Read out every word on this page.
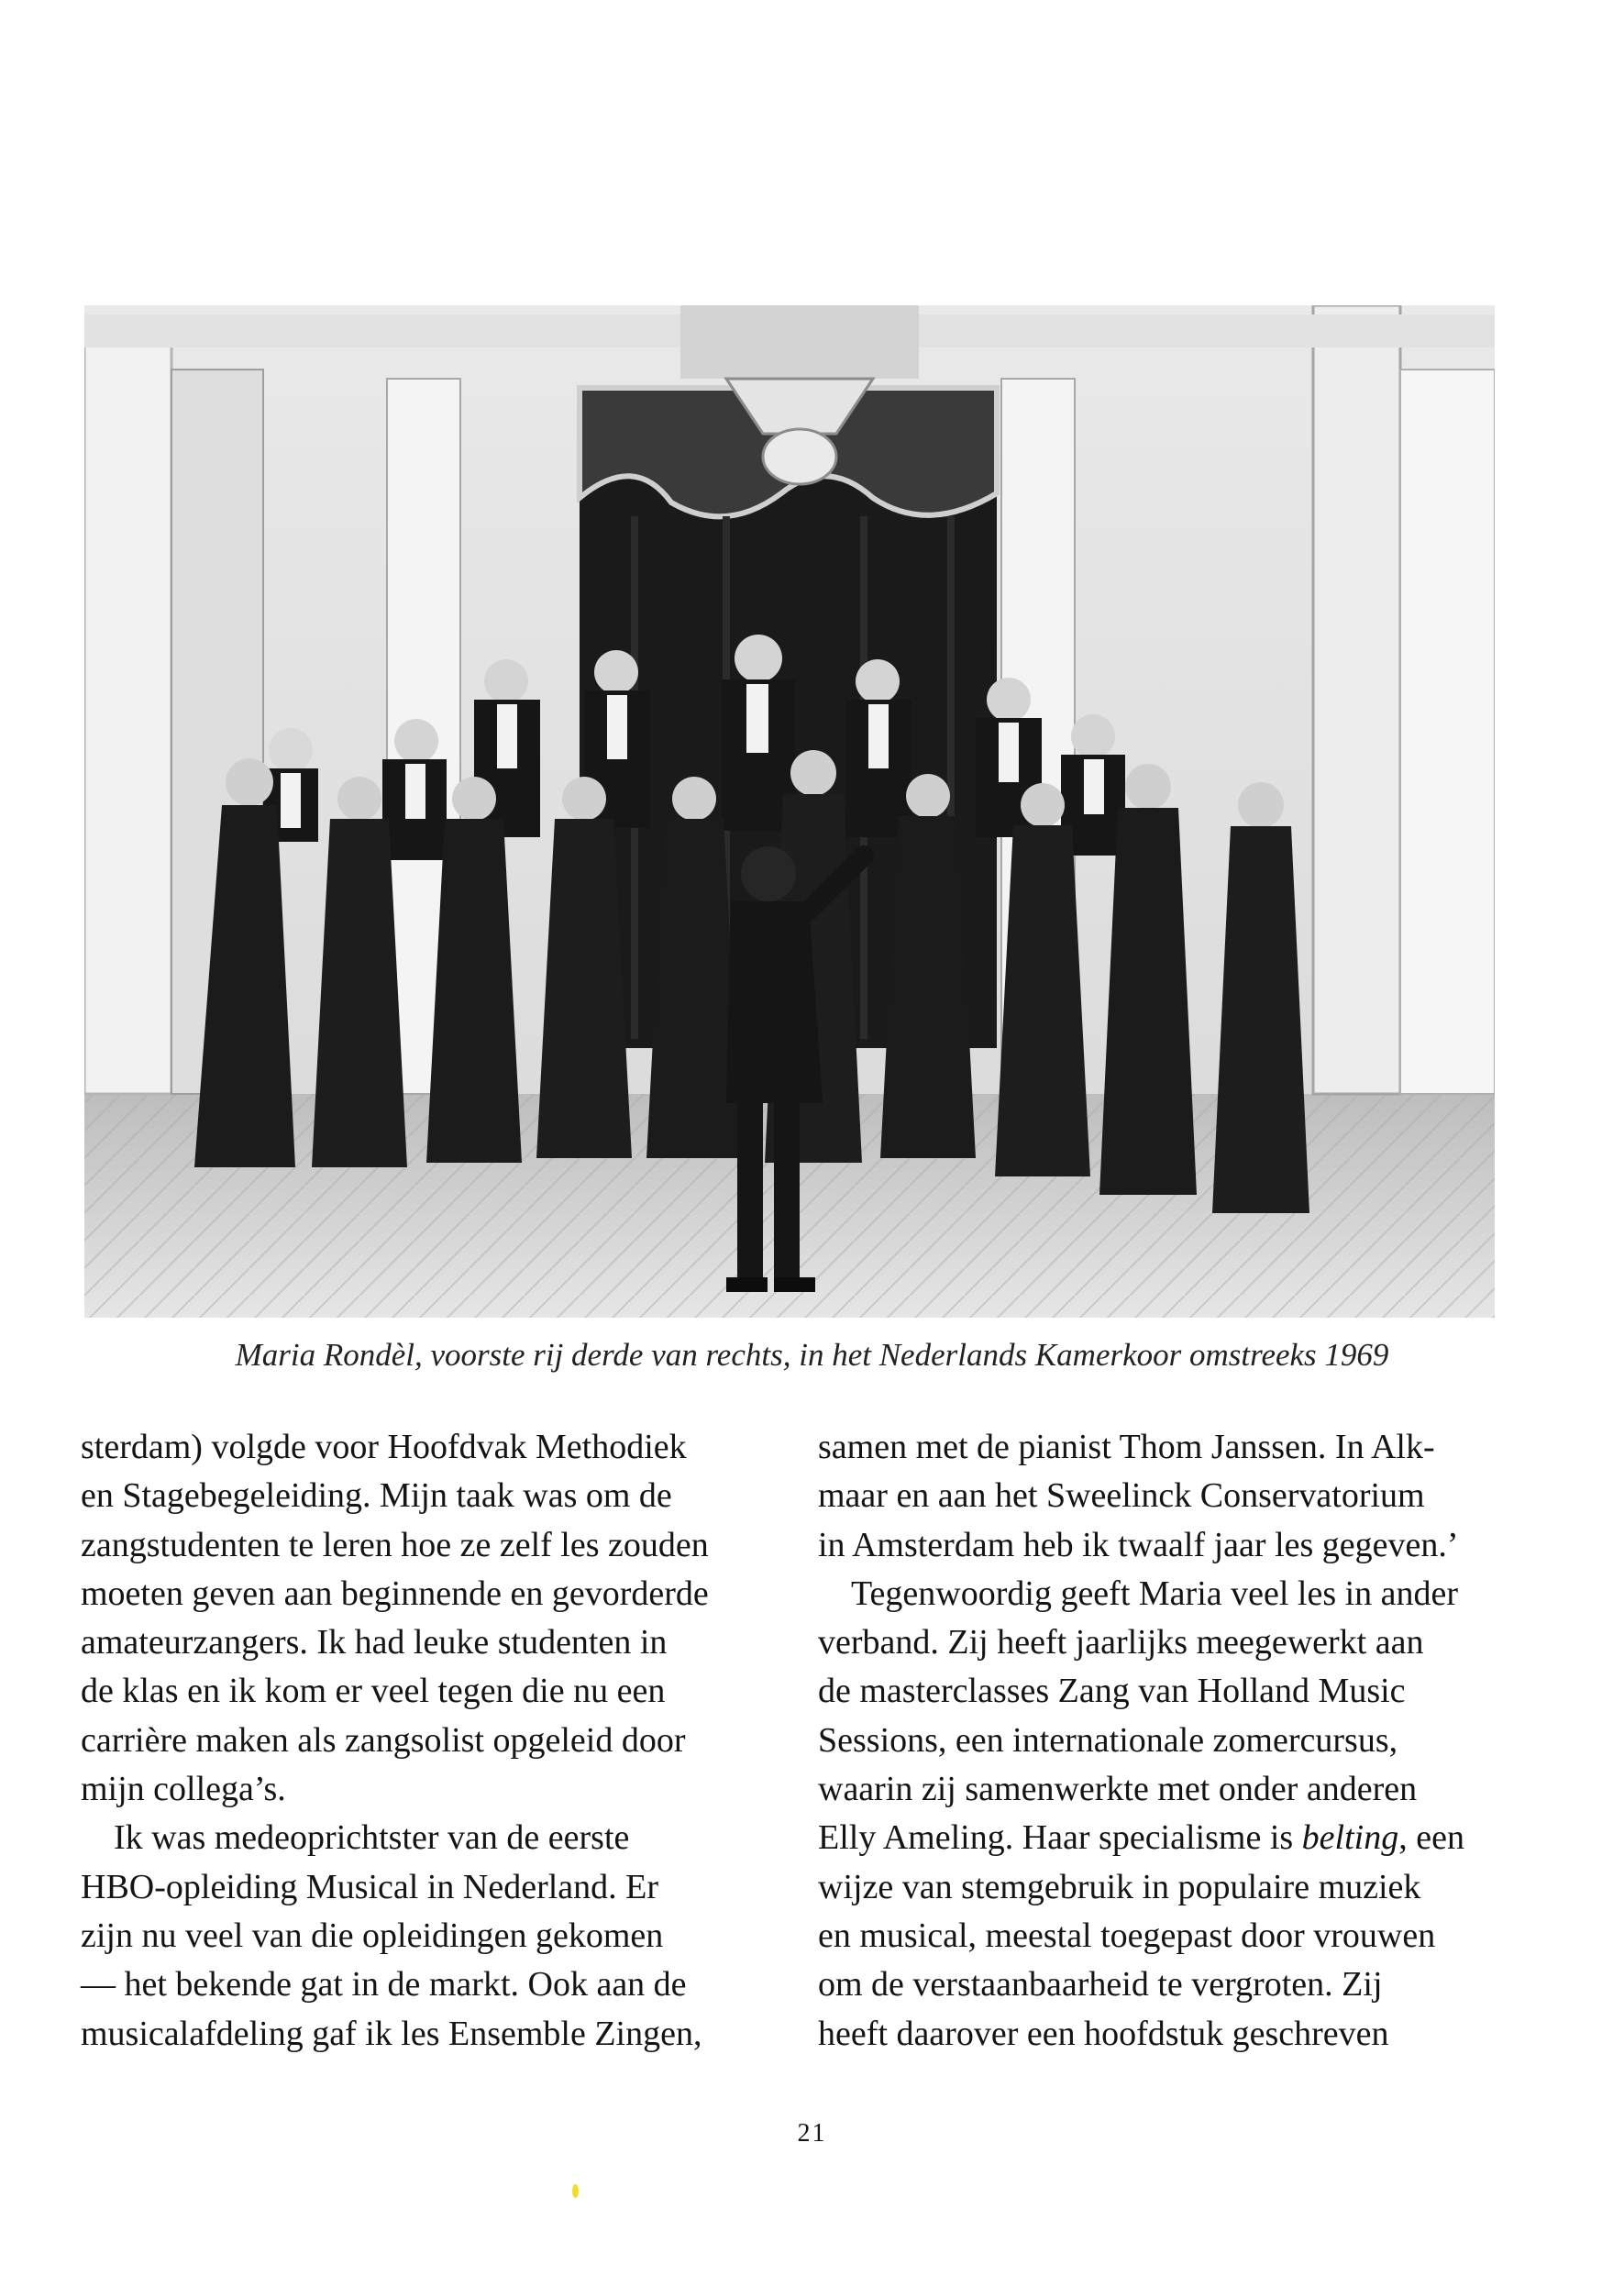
Maria Rondèl, voorste rij derde van rechts, in het Nederlands Kamerkoor omstreeks 1969

sterdam) volgde voor Hoofdvak Methodiek
en Stagebegeleiding. Mijn taak was om de
zangstudenten te leren hoe ze zelf les zouden
moeten geven aan beginnende en gevorderde
amateurzangers. Ik had leuke studenten in
de klas en ik kom er veel tegen die nu een
carrière maken als zangsolist opgeleid door
mijn collega’s.

Ik was medeoprichtster van de eerste
HBO-opleiding Musical in Nederland. Er
zijn nu veel van die opleidingen gekomen
— het bekende gat in de markt. Ook aan de
musicalafdeling gaf ik les Ensemble Zingen,

samen met de pianist Thom Janssen. In Alk-
maar en aan het Sweelinck Conservatorium
in Amsterdam heb ik twaalf jaar les gegeven.’

Tegenwoordig geeft Maria veel les in ander
verband. Zij heeft jaarlijks meegewerkt aan
de masterclasses Zang van Holland Music
Sessions, een internationale zomercursus,
waarin zij samenwerkte met onder anderen
Elly Ameling. Haar specialisme is belting, een
wijze van stemgebruik in populaire muziek
en musical, meestal toegepast door vrouwen
om de verstaanbaarheid te vergroten. Zij
heeft daarover een hoofdstuk geschreven

21
